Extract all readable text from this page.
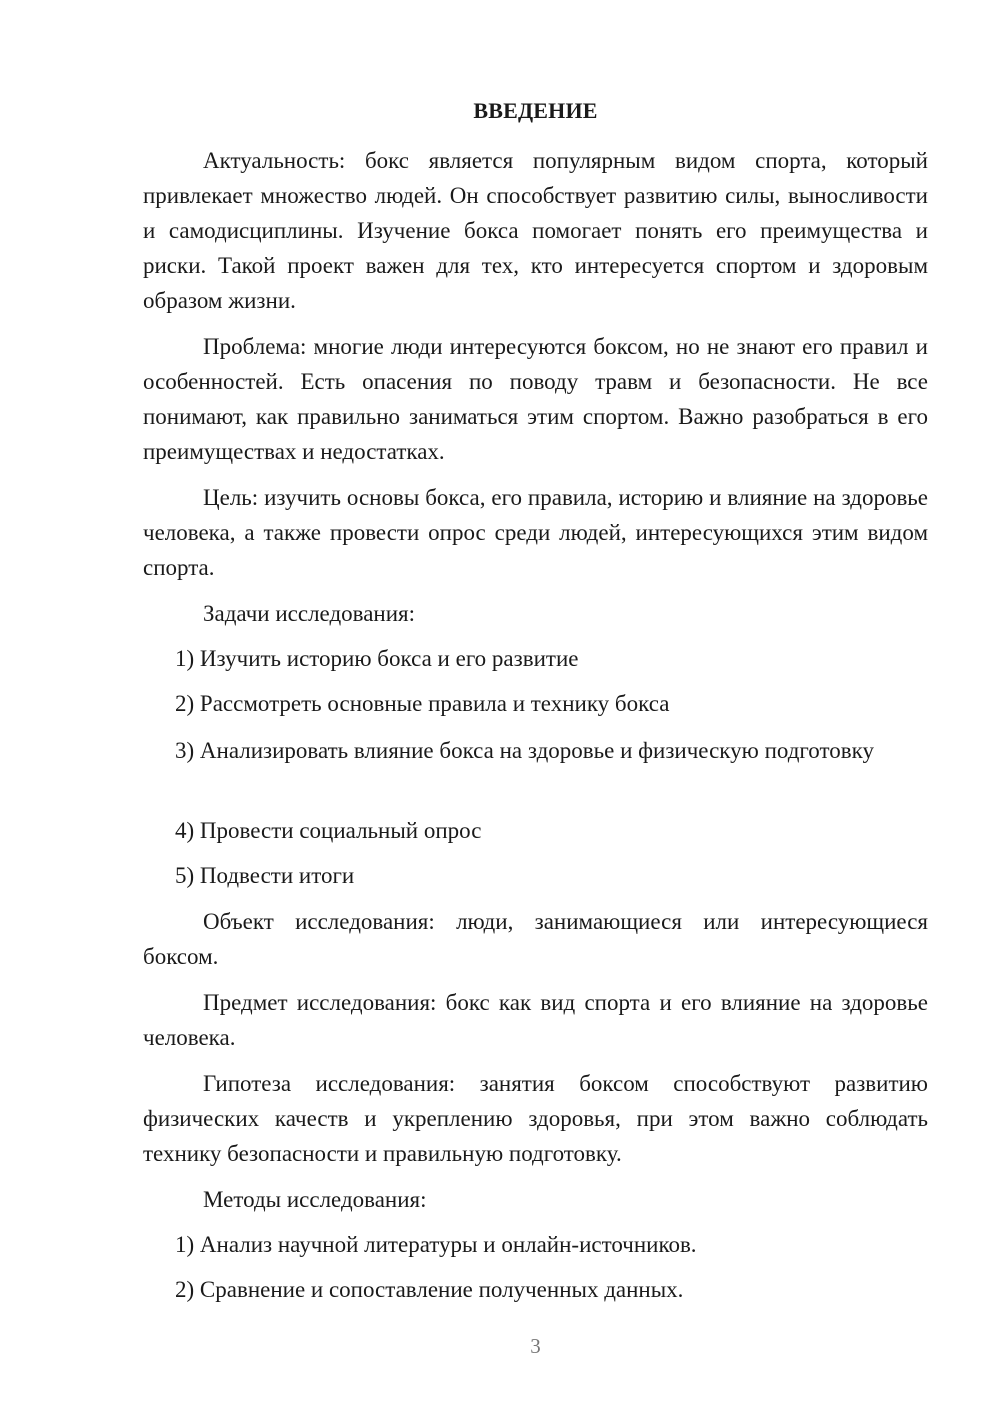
ВВЕДЕНИЕ

Актуальность: бокс является популярным видом спорта, который привлекает множество людей. Он способствует развитию силы, выносливости и самодисциплины. Изучение бокса помогает понять его преимущества и риски. Такой проект важен для тех, кто интересуется спортом и здоровым образом жизни.

Проблема: многие люди интересуются боксом, но не знают его правил и особенностей. Есть опасения по поводу травм и безопасности. Не все понимают, как правильно заниматься этим спортом. Важно разобраться в его преимуществах и недостатках.

Цель: изучить основы бокса, его правила, историю и влияние на здоровье человека, а также провести опрос среди людей, интересующихся этим видом спорта.

Задачи исследования:

1) Изучить историю бокса и его развитие

2) Рассмотреть основные правила и технику бокса

3) Анализировать влияние бокса на здоровье и физическую подготовку

4) Провести социальный опрос

5) Подвести итоги

Объект исследования: люди, занимающиеся или интересующиеся боксом.

Предмет исследования: бокс как вид спорта и его влияние на здоровье человека.

Гипотеза исследования: занятия боксом способствуют развитию физических качеств и укреплению здоровья, при этом важно соблюдать технику безопасности и правильную подготовку.

Методы исследования:

1) Анализ научной литературы и онлайн-источников.

2) Сравнение и сопоставление полученных данных.

3
